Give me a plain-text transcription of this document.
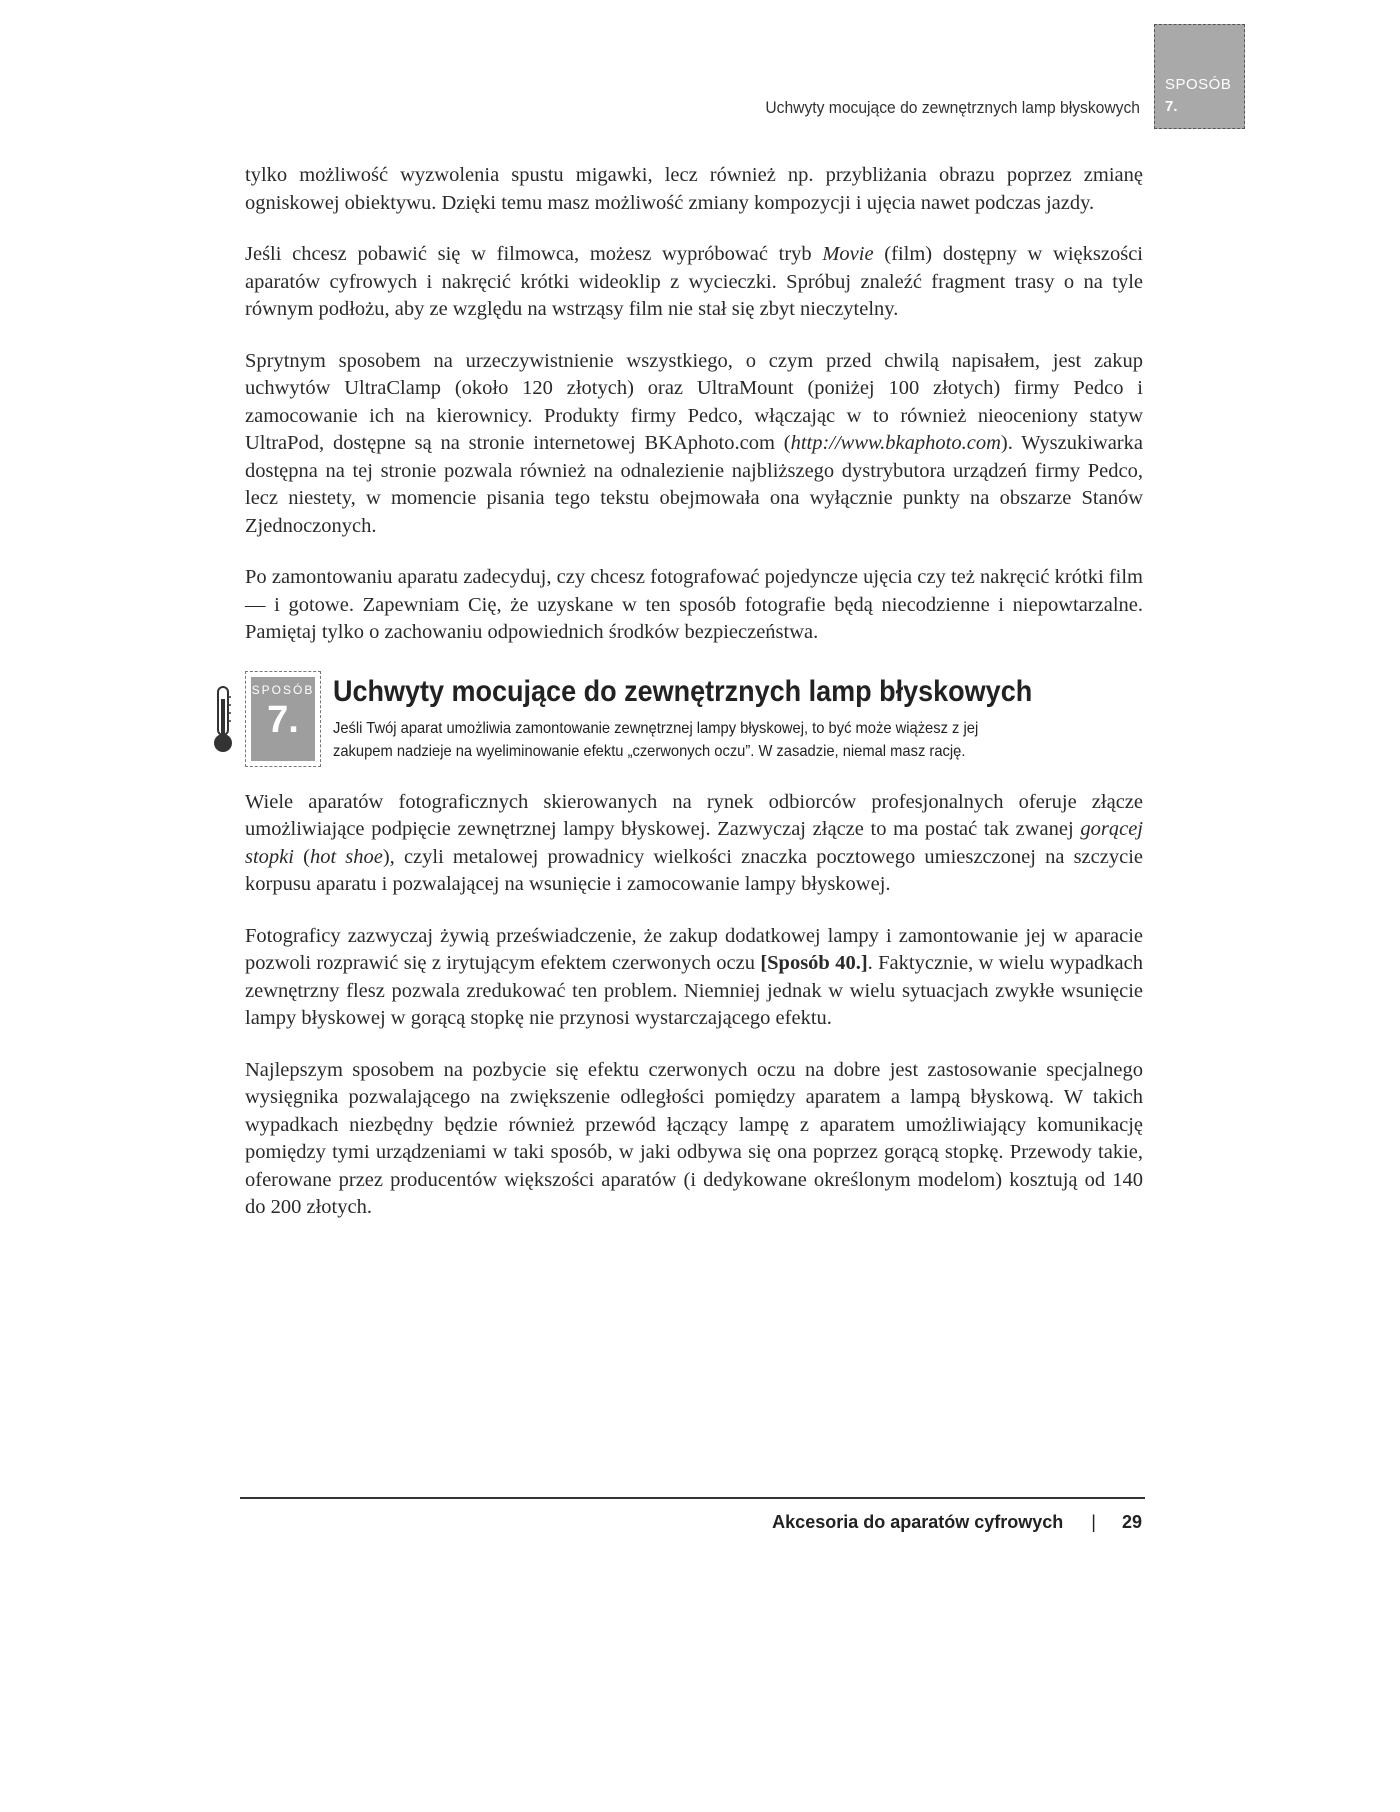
Uchwyty mocujące do zewnętrznych lamp błyskowych
SPOSÓB
7.

tylko możliwość wyzwolenia spustu migawki, lecz również np. przybliżania obrazu poprzez zmianę ogniskowej obiektywu. Dzięki temu masz możliwość zmiany kompozycji i ujęcia nawet podczas jazdy.

Jeśli chcesz pobawić się w filmowca, możesz wypróbować tryb Movie (film) dostępny w większości aparatów cyfrowych i nakręcić krótki wideoklip z wycieczki. Spróbuj znaleźć fragment trasy o na tyle równym podłożu, aby ze względu na wstrząsy film nie stał się zbyt nieczytelny.

Sprytnym sposobem na urzeczywistnienie wszystkiego, o czym przed chwilą napisałem, jest zakup uchwytów UltraClamp (około 120 złotych) oraz UltraMount (poniżej 100 złotych) firmy Pedco i zamocowanie ich na kierownicy. Produkty firmy Pedco, włączając w to również nieoceniony statyw UltraPod, dostępne są na stronie internetowej BKAphoto.com (http://www.bkaphoto.com). Wyszukiwarka dostępna na tej stronie pozwala również na odnalezienie najbliższego dystrybutora urządzeń firmy Pedco, lecz niestety, w momencie pisania tego tekstu obejmowała ona wyłącznie punkty na obszarze Stanów Zjednoczonych.

Po zamontowaniu aparatu zadecyduj, czy chcesz fotografować pojedyncze ujęcia czy też nakręcić krótki film — i gotowe. Zapewniam Cię, że uzyskane w ten sposób fotografie będą niecodzienne i niepowtarzalne. Pamiętaj tylko o zachowaniu odpowiednich środków bezpieczeństwa.

SPOSÓB
7.
Uchwyty mocujące do zewnętrznych lamp błyskowych

Jeśli Twój aparat umożliwia zamontowanie zewnętrznej lampy błyskowej, to być może wiążesz z jej zakupem nadzieje na wyeliminowanie efektu „czerwonych oczu”. W zasadzie, niemal masz rację.

Wiele aparatów fotograficznych skierowanych na rynek odbiorców profesjonalnych oferuje złącze umożliwiające podpięcie zewnętrznej lampy błyskowej. Zazwyczaj złącze to ma postać tak zwanej gorącej stopki (hot shoe), czyli metalowej prowadnicy wielkości znaczka pocztowego umieszczonej na szczycie korpusu aparatu i pozwalającej na wsunięcie i zamocowanie lampy błyskowej.

Fotograficy zazwyczaj żywią przeświadczenie, że zakup dodatkowej lampy i zamontowanie jej w aparacie pozwoli rozprawić się z irytującym efektem czerwonych oczu [Sposób 40.]. Faktycznie, w wielu wypadkach zewnętrzny flesz pozwala zredukować ten problem. Niemniej jednak w wielu sytuacjach zwykłe wsunięcie lampy błyskowej w gorącą stopkę nie przynosi wystarczającego efektu.

Najlepszym sposobem na pozbycie się efektu czerwonych oczu na dobre jest zastosowanie specjalnego wysięgnika pozwalającego na zwiększenie odległości pomiędzy aparatem a lampą błyskową. W takich wypadkach niezbędny będzie również przewód łączący lampę z aparatem umożliwiający komunikację pomiędzy tymi urządzeniami w taki sposób, w jaki odbywa się ona poprzez gorącą stopkę. Przewody takie, oferowane przez producentów większości aparatów (i dedykowane określonym modelom) kosztują od 140 do 200 złotych.

Akcesoria do aparatów cyfrowych | 29
